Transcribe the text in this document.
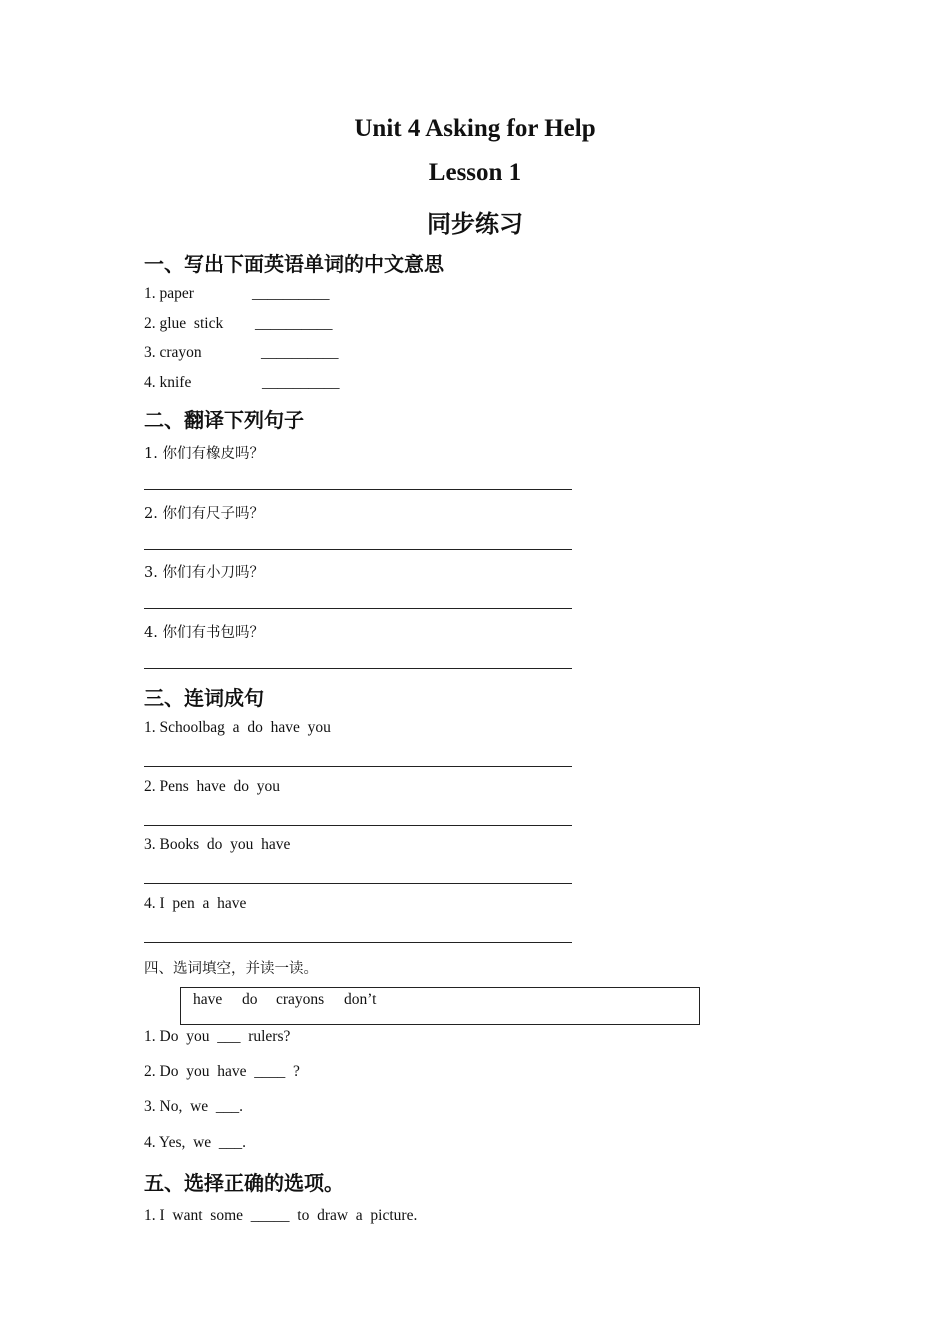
Unit 4 Asking for Help
Lesson 1
同步练习
一、写出下面英语单词的中文意思
1. paper	__________
2. glue  stick __________
3. crayon	__________
4. knife	__________
二、翻译下列句子
1. 你们有橡皮吗？
2. 你们有尺子吗？
3. 你们有小刀吗？
4. 你们有书包吗？
三、连词成句
1. Schoolbag  a  do  have  you
2. Pens  have  do  you
3. Books  do  you  have
4. I  pen  a  have
四、选词填空，并读一读。
have do crayons don’t
1. Do  you  ___  rulers?
2. Do  you  have  ____  ?
3. No,  we  ___.
4. Yes,  we  ___.
五、选择正确的选项。
1. I  want  some  _____  to  draw  a  picture.
